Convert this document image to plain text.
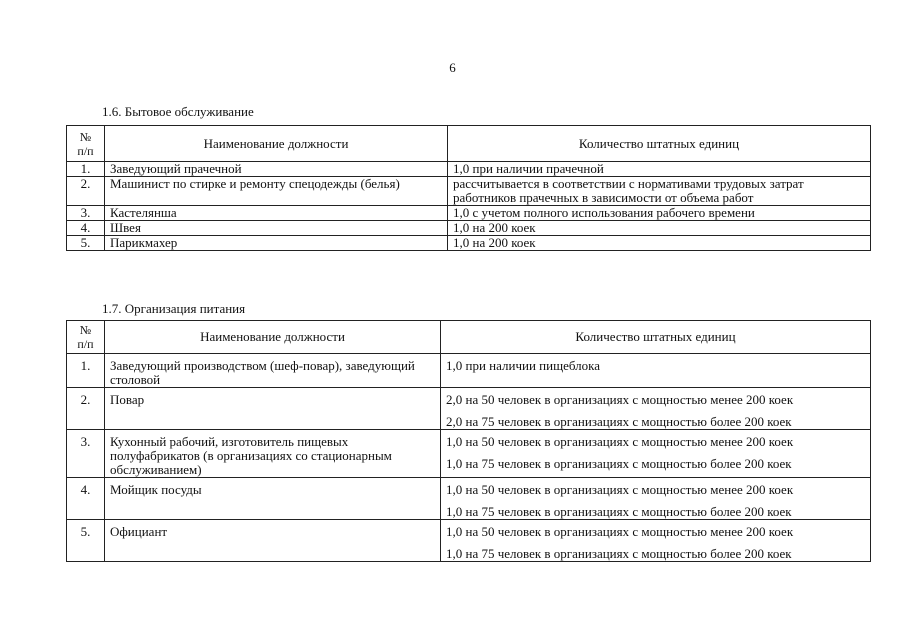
6
1.6. Бытовое обслуживание
№
п/п	Наименование должности	Количество штатных единиц
1.	Заведующий прачечной	1,0 при наличии прачечной

2.	Машинист по стирке и ремонту спецодежды (белья)	рассчитывается в соответствии с нормативами трудовых затрат работников прачечных в зависимости от объема работ

3.	Кастелянша	1,0 с учетом полного использования рабочего времени

4.	Швея	1,0 на 200 коек

5.	Парикмахер	1,0 на 200 коек
1.7. Организация питания
№
п/п	Наименование должности	Количество штатных единиц
1.	Заведующий производством (шеф-повар), заведующий столовой	1,0 при наличии пищеблока

2.	Повар	2,0 на 50 человек в организациях с мощностью менее 200 коек
2,0 на 75 человек в организациях с мощностью более 200 коек

3.	Кухонный рабочий, изготовитель пищевых полуфабрикатов (в организациях со стационарным обслуживанием)	1,0 на 50 человек в организациях с мощностью менее 200 коек
1,0 на 75 человек в организациях с мощностью более 200 коек

4.	Мойщик посуды	1,0 на 50 человек в организациях с мощностью менее 200 коек
1,0 на 75 человек в организациях с мощностью более 200 коек

5.	Официант	1,0 на 50 человек в организациях с мощностью менее 200 коек
1,0 на 75 человек в организациях с мощностью более 200 коек
